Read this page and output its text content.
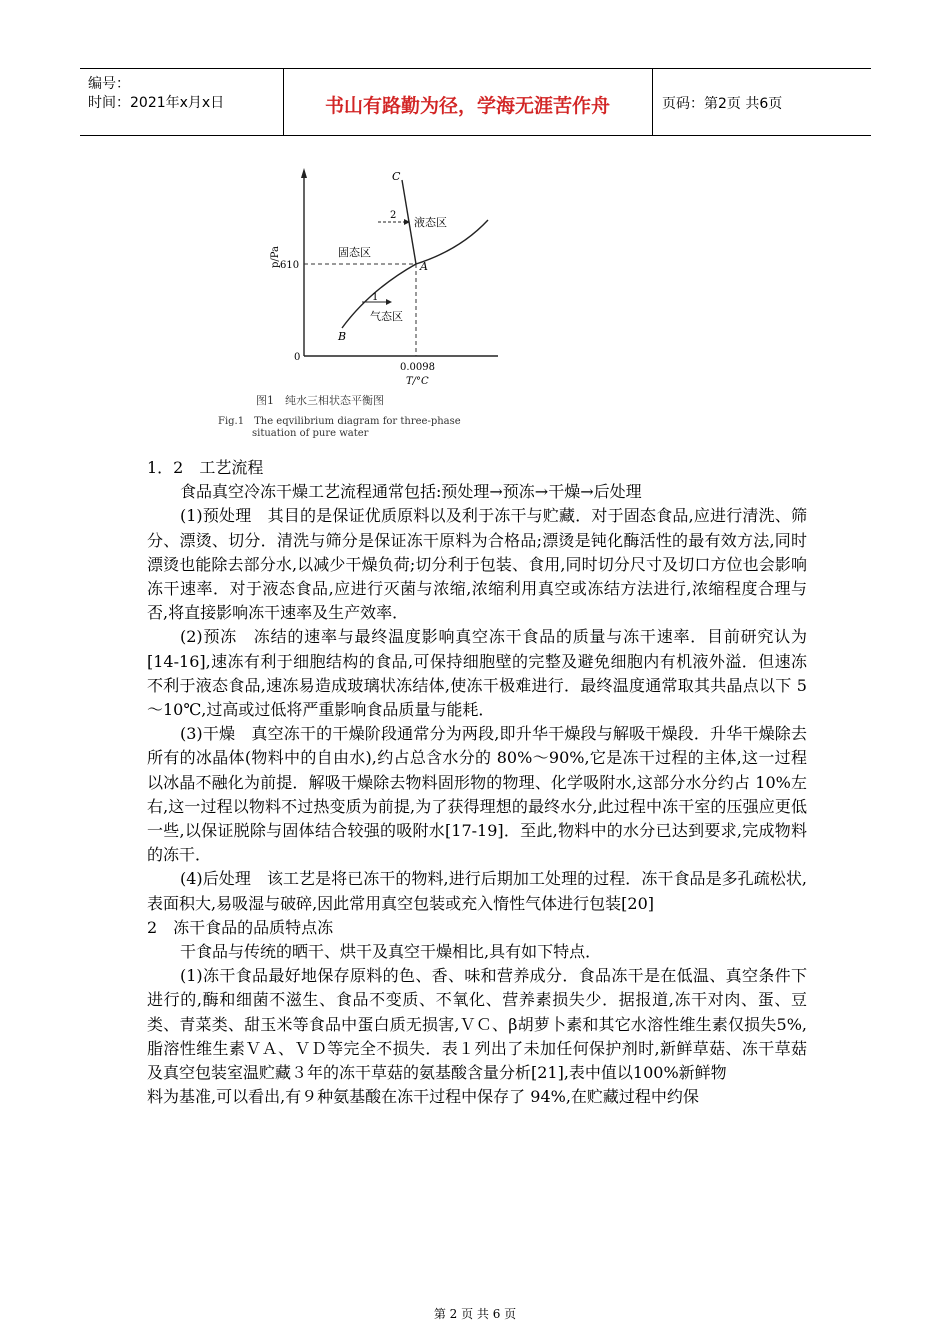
编号：
时间：2021年x月x日	书山有路勤为径，学海无涯苦作舟	页码：第2页 共6页
p/Pa 610
0
0.0098
T/°C
C
A
B
1
2
液态区
固态区
气态区
图1　纯水三相状态平衡图
Fig.1　The eqvilibrium diagram for three-phase
situation of pure water

1．2　工艺流程

食品真空冷冻干燥工艺流程通常包括:预处理→预冻→干燥→后处理

(1)预处理　其目的是保证优质原料以及利于冻干与贮藏．对于固态食品,应进行清洗、筛分、漂烫、切分．清洗与筛分是保证冻干原料为合格品;漂烫是钝化酶活性的最有效方法,同时漂烫也能除去部分水,以减少干燥负荷;切分利于包装、食用,同时切分尺寸及切口方位也会影响冻干速率．对于液态食品,应进行灭菌与浓缩,浓缩利用真空或冻结方法进行,浓缩程度合理与否,将直接影响冻干速率及生产效率．

(2)预冻　冻结的速率与最终温度影响真空冻干食品的质量与冻干速率．目前研究认为[14-16],速冻有利于细胞结构的食品,可保持细胞壁的完整及避免细胞内有机液外溢．但速冻不利于液态食品,速冻易造成玻璃状冻结体,使冻干极难进行．最终温度通常取其共晶点以下 5～10℃,过高或过低将严重影响食品质量与能耗．

(3)干燥　真空冻干的干燥阶段通常分为两段,即升华干燥段与解吸干燥段．升华干燥除去所有的冰晶体(物料中的自由水),约占总含水分的 80%～90%,它是冻干过程的主体,这一过程以冰晶不融化为前提．解吸干燥除去物料固形物的物理、化学吸附水,这部分水分约占 10%左右,这一过程以物料不过热变质为前提,为了获得理想的最终水分,此过程中冻干室的压强应更低一些,以保证脱除与固体结合较强的吸附水[17-19]．至此,物料中的水分已达到要求,完成物料的冻干．

(4)后处理　该工艺是将已冻干的物料,进行后期加工处理的过程．冻干食品是多孔疏松状,表面积大,易吸湿与破碎,因此常用真空包装或充入惰性气体进行包装[20]

2　冻干食品的品质特点冻

干食品与传统的晒干、烘干及真空干燥相比,具有如下特点．

(1)冻干食品最好地保存原料的色、香、味和营养成分．食品冻干是在低温、真空条件下进行的,酶和细菌不滋生、食品不变质、不氧化、营养素损失少．据报道,冻干对肉、蛋、豆类、青菜类、甜玉米等食品中蛋白质无损害,ＶＣ、β胡萝卜素和其它水溶性维生素仅损失5%,脂溶性维生素ＶＡ、ＶＤ等完全不损失．表１列出了未加任何保护剂时,新鲜草菇、冻干草菇及真空包装室温贮藏３年的冻干草菇的氨基酸含量分析[21],表中值以100%新鲜物

料为基准,可以看出,有９种氨基酸在冻干过程中保存了 94%,在贮藏过程中约保

第 2 页 共 6 页
